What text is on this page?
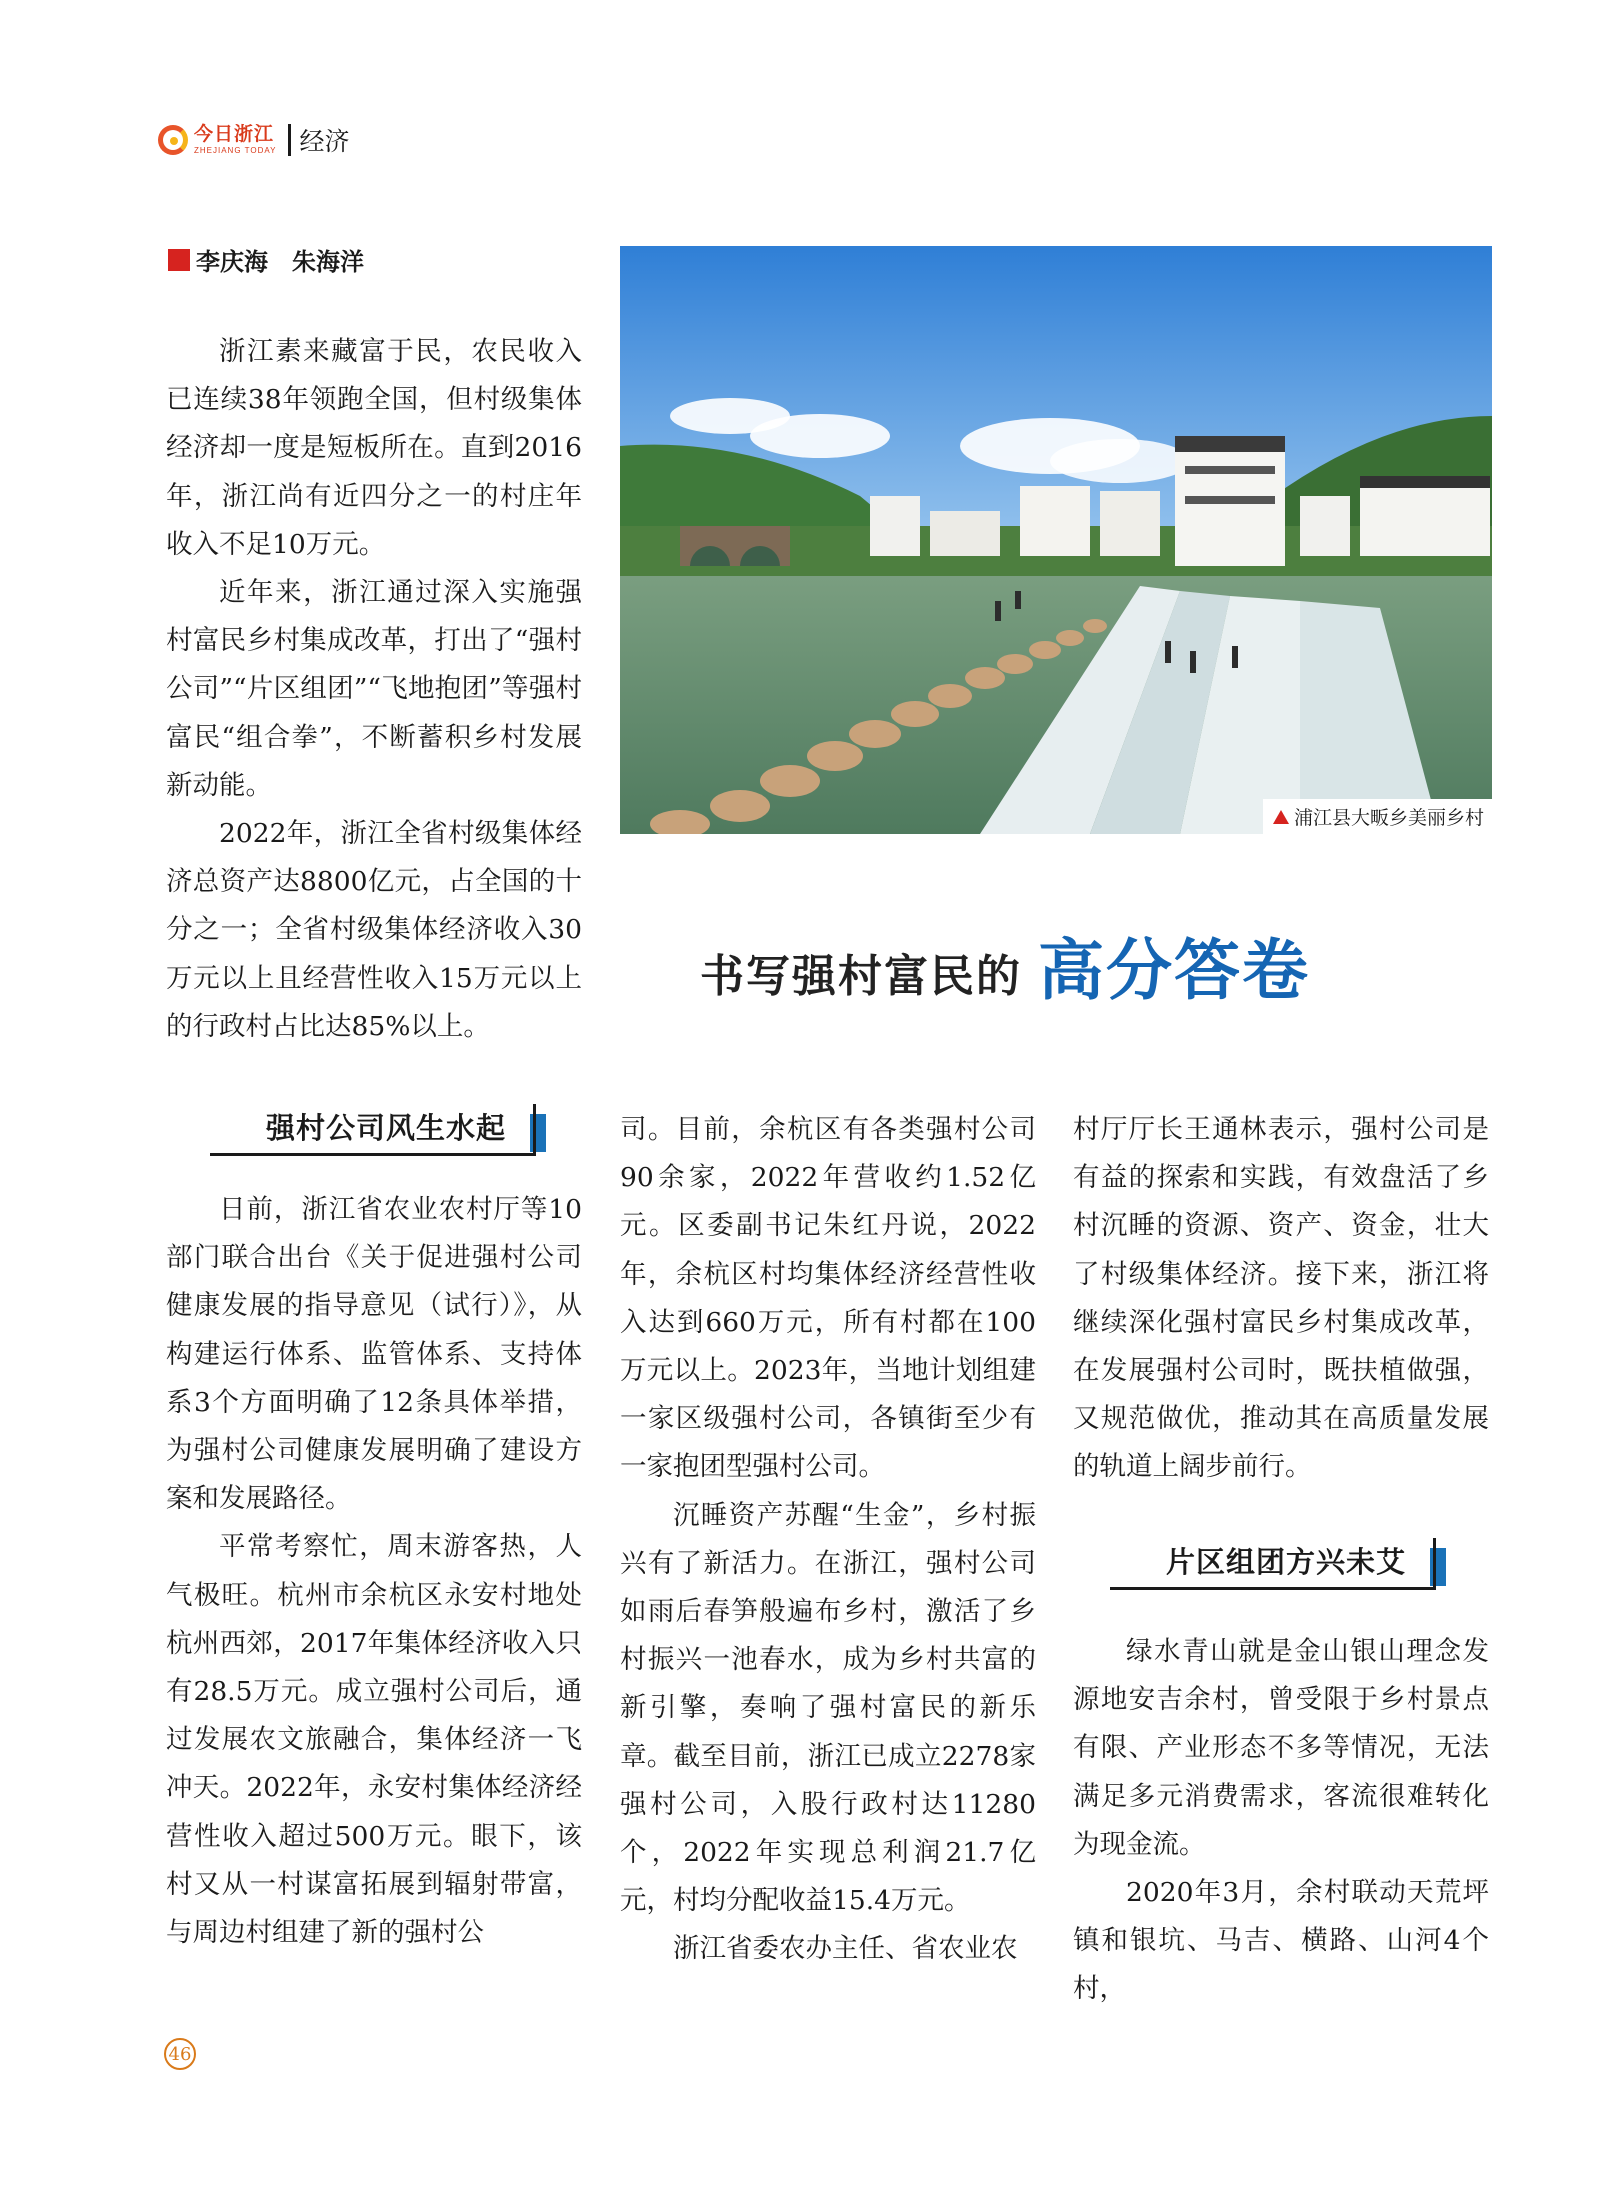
今日浙江
ZHEJIANG TODAY 经济
李庆海　朱海洋

浙江素来藏富于民，农民收入已连续38年领跑全国，但村级集体经济却一度是短板所在。直到2016年，浙江尚有近四分之一的村庄年收入不足10万元。

近年来，浙江通过深入实施强村富民乡村集成改革，打出了“强村公司”“片区组团”“飞地抱团”等强村富民“组合拳”，不断蓄积乡村发展新动能。

2022年，浙江全省村级集体经济总资产达8800亿元，占全国的十分之一；全省村级集体经济收入30万元以上且经营性收入15万元以上的行政村占比达85%以上。

浦江县大畈乡美丽乡村
书写强村富民的 高分答卷
强村公司风生水起

日前，浙江省农业农村厅等10部门联合出台《关于促进强村公司健康发展的指导意见（试行）》，从构建运行体系、监管体系、支持体系3个方面明确了12条具体举措，为强村公司健康发展明确了建设方案和发展路径。

平常考察忙，周末游客热，人气极旺。杭州市余杭区永安村地处杭州西郊，2017年集体经济收入只有28.5万元。成立强村公司后，通过发展农文旅融合，集体经济一飞冲天。2022年，永安村集体经济经营性收入超过500万元。眼下，该村又从一村谋富拓展到辐射带富，与周边村组建了新的强村公

司。目前，余杭区有各类强村公司90余家，2022年营收约1.52亿元。区委副书记朱红丹说，2022年，余杭区村均集体经济经营性收入达到660万元，所有村都在100万元以上。2023年，当地计划组建一家区级强村公司，各镇街至少有一家抱团型强村公司。

沉睡资产苏醒“生金”，乡村振兴有了新活力。在浙江，强村公司如雨后春笋般遍布乡村，激活了乡村振兴一池春水，成为乡村共富的新引擎，奏响了强村富民的新乐章。截至目前，浙江已成立2278家强村公司，入股行政村达11280个，2022年实现总利润21.7亿元，村均分配收益15.4万元。

浙江省委农办主任、省农业农

村厅厅长王通林表示，强村公司是有益的探索和实践，有效盘活了乡村沉睡的资源、资产、资金，壮大了村级集体经济。接下来，浙江将继续深化强村富民乡村集成改革，在发展强村公司时，既扶植做强，又规范做优，推动其在高质量发展的轨道上阔步前行。

片区组团方兴未艾

绿水青山就是金山银山理念发源地安吉余村，曾受限于乡村景点有限、产业形态不多等情况，无法满足多元消费需求，客流很难转化为现金流。

2020年3月，余村联动天荒坪镇和银坑、马吉、横路、山河4个村，

46
